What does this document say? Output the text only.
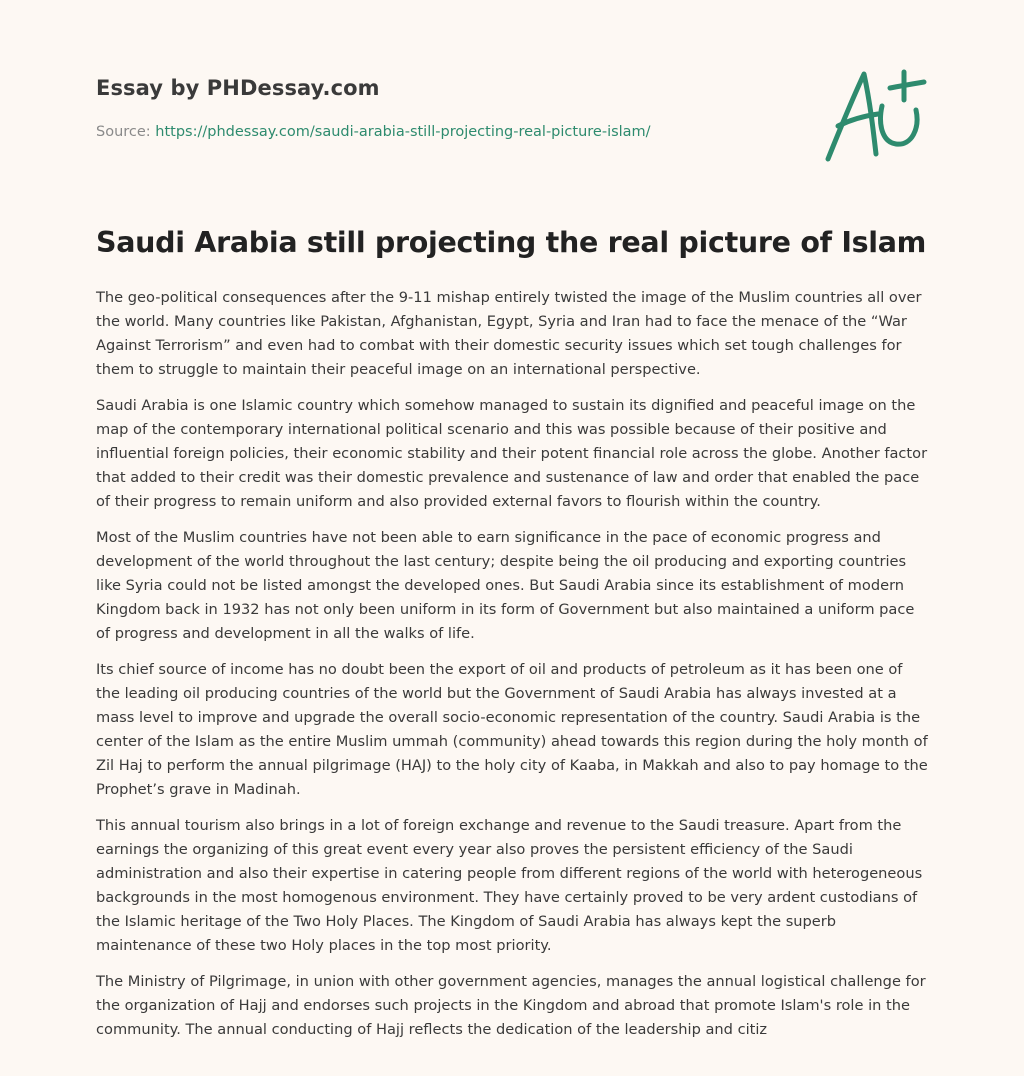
Essay by PHDessay.com
Source: https://phdessay.com/saudi-arabia-still-projecting-real-picture-islam/
Saudi Arabia still projecting the real picture of Islam

The geo-political consequences after the 9-11 mishap entirely twisted the image of the Muslim countries all over the world. Many countries like Pakistan, Afghanistan, Egypt, Syria and Iran had to face the menace of the “War Against Terrorism” and even had to combat with their domestic security issues which set tough challenges for them to struggle to maintain their peaceful image on an international perspective.

Saudi Arabia is one Islamic country which somehow managed to sustain its dignified and peaceful image on the map of the contemporary international political scenario and this was possible because of their positive and influential foreign policies, their economic stability and their potent financial role across the globe. Another factor that added to their credit was their domestic prevalence and sustenance of law and order that enabled the pace of their progress to remain uniform and also provided external favors to flourish within the country.

Most of the Muslim countries have not been able to earn significance in the pace of economic progress and development of the world throughout the last century; despite being the oil producing and exporting countries like Syria could not be listed amongst the developed ones. But Saudi Arabia since its establishment of modern Kingdom back in 1932 has not only been uniform in its form of Government but also maintained a uniform pace of progress and development in all the walks of life.

Its chief source of income has no doubt been the export of oil and products of petroleum as it has been one of the leading oil producing countries of the world but the Government of Saudi Arabia has always invested at a mass level to improve and upgrade the overall socio-economic representation of the country. Saudi Arabia is the center of the Islam as the entire Muslim ummah (community) ahead towards this region during the holy month of Zil Haj to perform the annual pilgrimage (HAJ) to the holy city of Kaaba, in Makkah and also to pay homage to the Prophet’s grave in Madinah.

This annual tourism also brings in a lot of foreign exchange and revenue to the Saudi treasure. Apart from the earnings the organizing of this great event every year also proves the persistent efficiency of the Saudi administration and also their expertise in catering people from different regions of the world with heterogeneous backgrounds in the most homogenous environment. They have certainly proved to be very ardent custodians of the Islamic heritage of the Two Holy Places. The Kingdom of Saudi Arabia has always kept the superb maintenance of these two Holy places in the top most priority.

The Ministry of Pilgrimage, in union with other government agencies, manages the annual logistical challenge for the organization of Hajj and endorses such projects in the Kingdom and abroad that promote Islam's role in the community. The annual conducting of Hajj reflects the dedication of the leadership and citiz
